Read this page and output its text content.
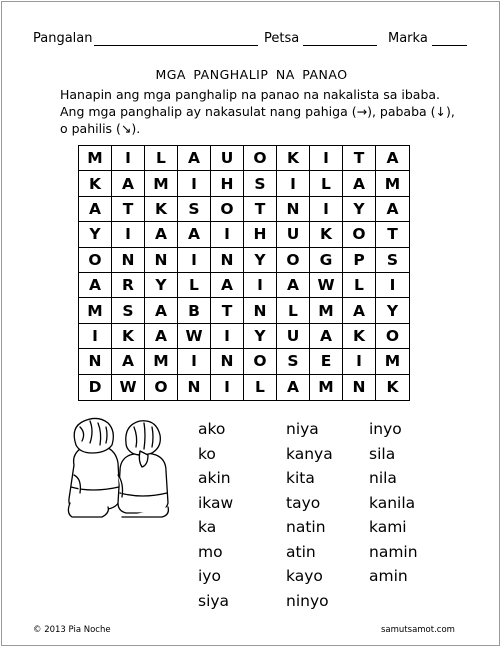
Pangalan	Petsa	Marka
MGA PANGHALIP NA PANAO
Hanapin ang mga panghalip na panao na nakalista sa ibaba.
Ang mga panghalip ay nakasulat nang pahiga (→), pababa (↓),
o pahilis (↘).
M	I	L	A	U	O	K	I	T	A
K	A	M	I	H	S	I	L	A	M
A	T	K	S	O	T	N	I	Y	A
Y	I	A	A	I	H	U	K	O	T
O	N	N	I	N	Y	O	G	P	S
A	R	Y	L	A	I	A	W	L	I
M	S	A	B	T	N	L	M	A	Y
I	K	A	W	I	Y	U	A	K	O
N	A	M	I	N	O	S	E	I	M
D	W	O	N	I	L	A	M	N	K
ako
ko
akin
ikaw
ka
mo
iyo
siya
niya
kanya
kita
tayo
natin
atin
kayo
ninyo
inyo
sila
nila
kanila
kami
namin
amin
© 2013 Pia Noche	samutsamot.com
